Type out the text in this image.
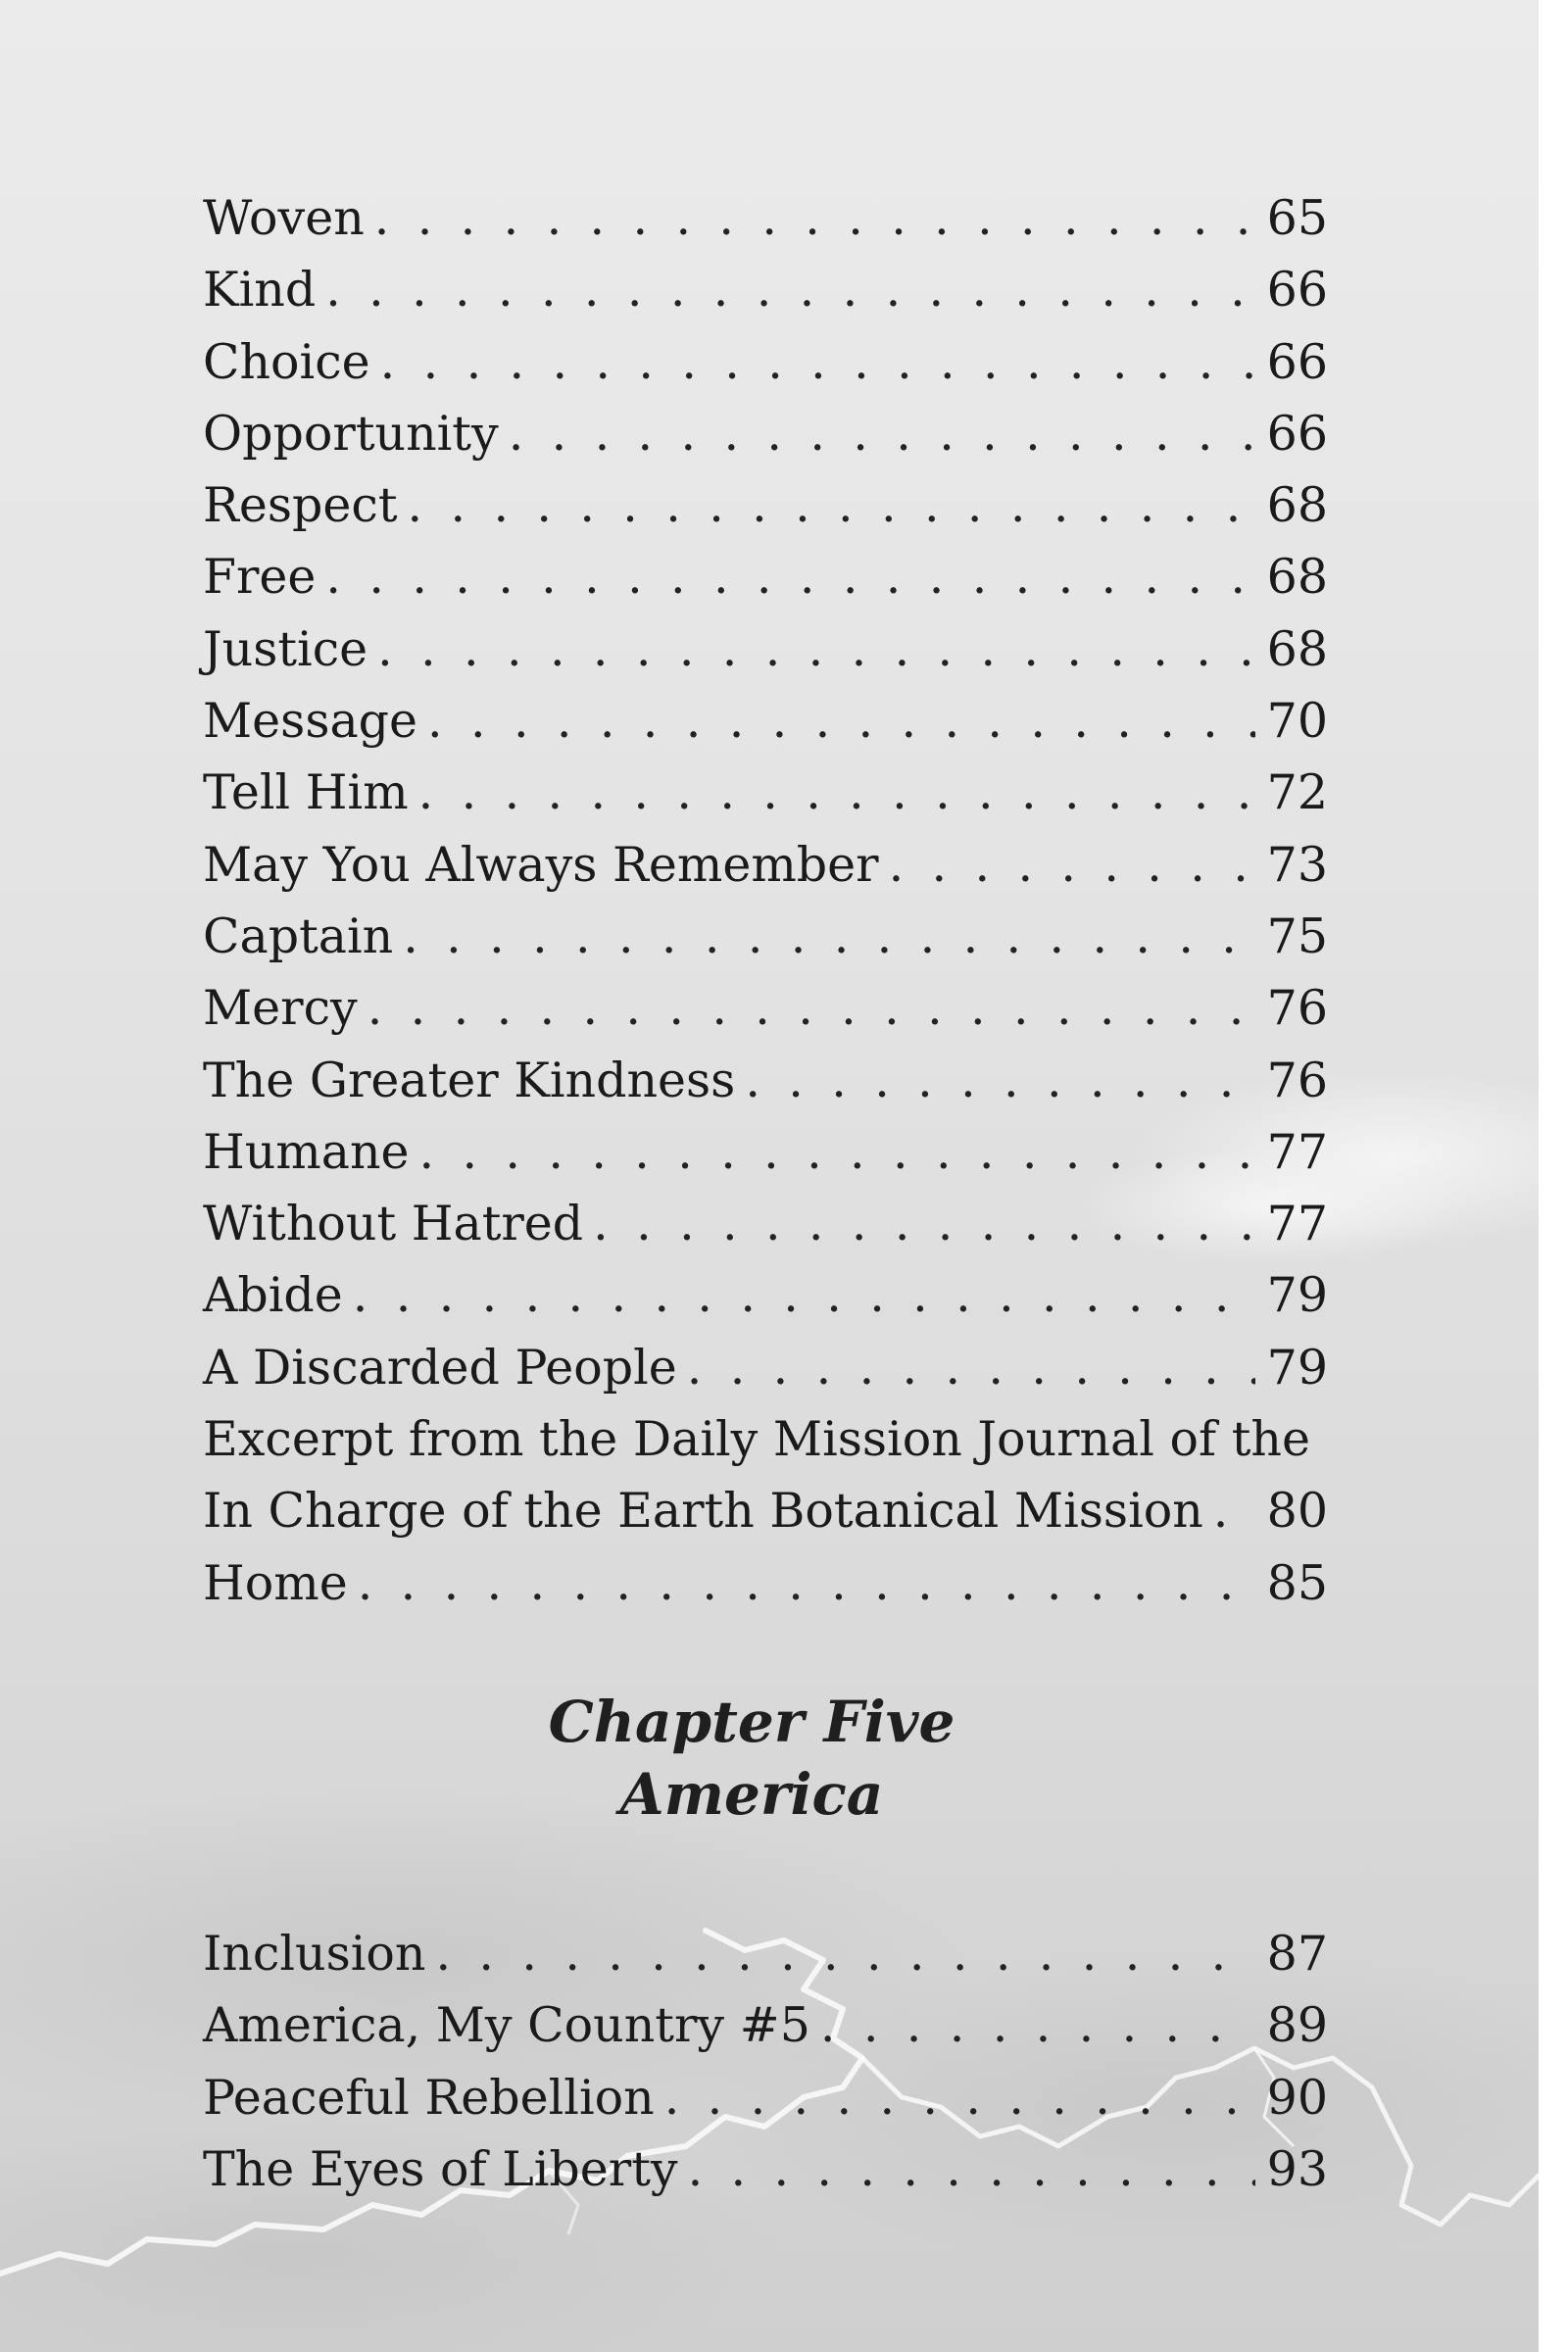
Woven . . .	65
Kind . . .	66
Choice . . .	66
Opportunity . . .	66
Respect . . .	68
Free . . .	68
Justice . . .	68
Message . . .	70
Tell Him . . .	72
May You Always Remember . . .	73
Captain . . .	75
Mercy . . .	76
The Greater Kindness . . .	76
Humane . . .	77
Without Hatred . . .	77
Abide . . .	79
A Discarded People . . .	79
Excerpt from the Daily Mission Journal of the
In Charge of the Earth Botanical Mission . . . 80
Home . . .	85
Chapter Five
America
Inclusion . . .	87
America, My Country #5 . . .	89
Peaceful Rebellion . . .	90
The Eyes of Liberty . . .	93
